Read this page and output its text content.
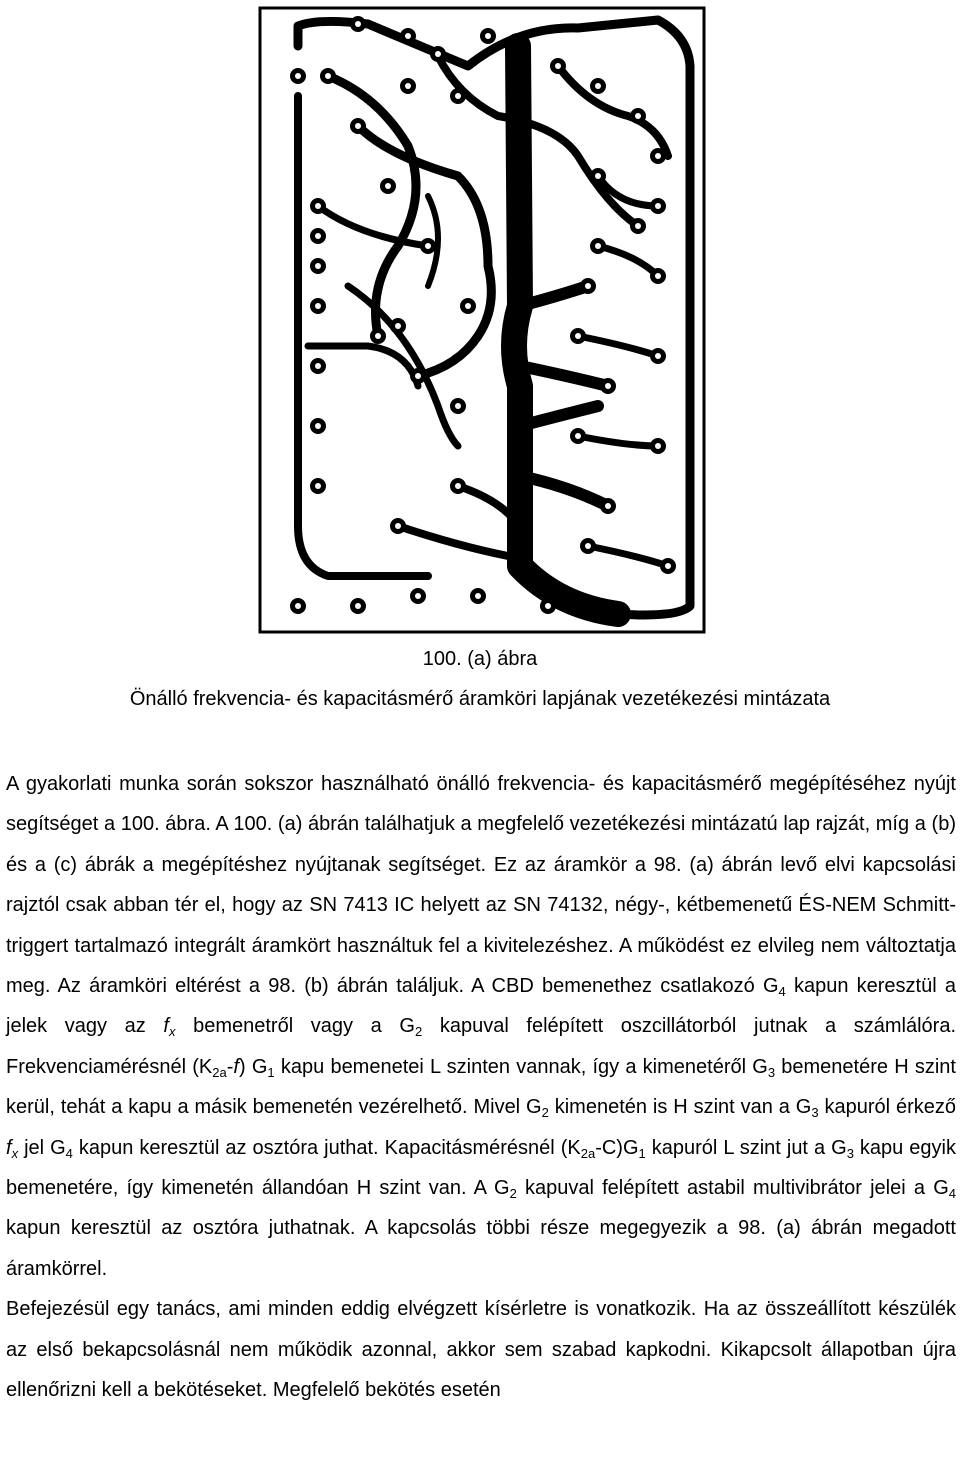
100. (a) ábra
Önálló frekvencia- és kapacitásmérő áramköri lapjának vezetékezési mintázata

A gyakorlati munka során sokszor használható önálló frekvencia- és kapacitásmérő megépítéséhez nyújt segítséget a 100. ábra. A 100. (a) ábrán találhatjuk a megfelelő vezetékezési mintázatú lap rajzát, míg a (b) és a (c) ábrák a megépítéshez nyújtanak segítséget. Ez az áramkör a 98. (a) ábrán levő elvi kapcsolási rajztól csak abban tér el, hogy az SN 7413 IC helyett az SN 74132, négy-, kétbemenetű ÉS-NEM Schmitt-triggert tartalmazó integrált áramkört használtuk fel a kivitelezéshez. A működést ez elvileg nem változtatja meg. Az áramköri eltérést a 98. (b) ábrán találjuk. A CBD bemenethez csatlakozó $G_4$ kapun keresztül a jelek vagy az $f_x$ bemenetről vagy a $G_2$ kapuval felépített oszcillátorból jutnak a számlálóra. Frekvenciamérésnél $(K_{2a}-f)$ $G_1$ kapu bemenetei L szinten vannak, így a kimenetéről $G_3$ bemenetére H szint kerül, tehát a kapu a másik bemenetén vezérelhető. Mivel $G_2$ kimenetén is H szint van a $G_3$ kapuról érkező $f_x$ jel $G_4$ kapun keresztül az osztóra juthat. Kapacitásmérésnél $(K_{2a}-C)G_1$ kapuról L szint jut a $G_3$ kapu egyik bemenetére, így kimenetén állandóan H szint van. A $G_2$ kapuval felépített astabil multivibrátor jelei a $G_4$ kapun keresztül az osztóra juthatnak. A kapcsolás többi része megegyezik a 98. (a) ábrán megadott áramkörrel.

Befejezésül egy tanács, ami minden eddig elvégzett kísérletre is vonatkozik. Ha az összeállított készülék az első bekapcsolásnál nem működik azonnal, akkor sem szabad kapkodni. Kikapcsolt állapotban újra ellenőrizni kell a bekötéseket. Megfelelő bekötés esetén
